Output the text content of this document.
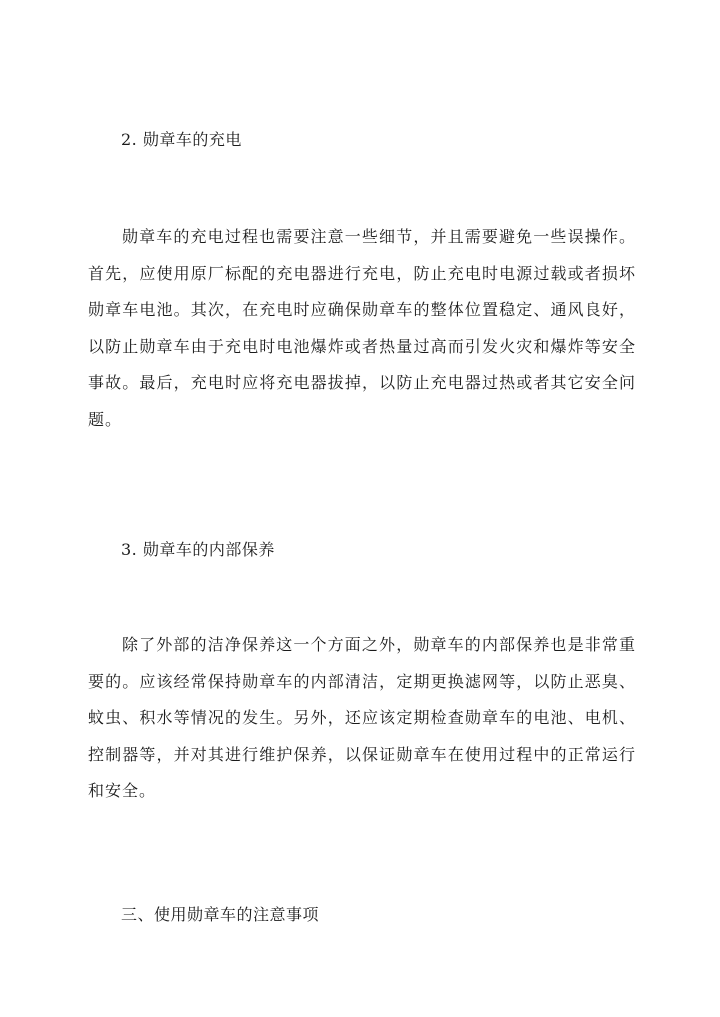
2. 勋章车的充电

勋章车的充电过程也需要注意一些细节，并且需要避免一些误操作。首先，应使用原厂标配的充电器进行充电，防止充电时电源过载或者损坏勋章车电池。其次，在充电时应确保勋章车的整体位置稳定、通风良好，以防止勋章车由于充电时电池爆炸或者热量过高而引发火灾和爆炸等安全事故。最后，充电时应将充电器拔掉，以防止充电器过热或者其它安全问题。

3. 勋章车的内部保养

除了外部的洁净保养这一个方面之外，勋章车的内部保养也是非常重要的。应该经常保持勋章车的内部清洁，定期更换滤网等，以防止恶臭、蚊虫、积水等情况的发生。另外，还应该定期检查勋章车的电池、电机、控制器等，并对其进行维护保养，以保证勋章车在使用过程中的正常运行和安全。

三、使用勋章车的注意事项
